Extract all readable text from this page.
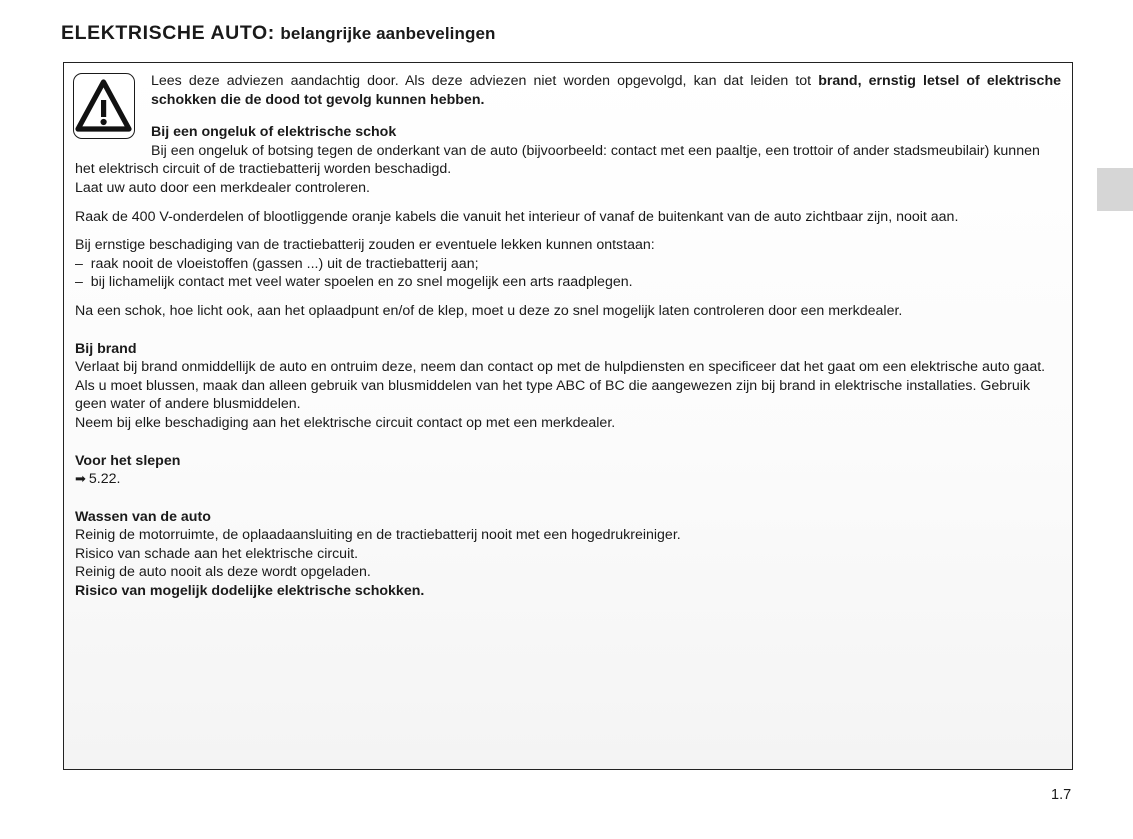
ELEKTRISCHE AUTO: belangrijke aanbevelingen

Lees deze adviezen aandachtig door. Als deze adviezen niet worden opgevolgd, kan dat leiden tot brand, ernstig letsel of elektrische schokken die de dood tot gevolg kunnen hebben.

Bij een ongeluk of elektrische schok

Bij een ongeluk of botsing tegen de onderkant van de auto (bijvoorbeeld: contact met een paaltje, een trottoir of ander stadsmeubilair) kunnen het elektrisch circuit of de tractiebatterij worden beschadigd.

Laat uw auto door een merkdealer controleren.

Raak de 400 V-onderdelen of blootliggende oranje kabels die vanuit het interieur of vanaf de buitenkant van de auto zichtbaar zijn, nooit aan.

Bij ernstige beschadiging van de tractiebatterij zouden er eventuele lekken kunnen ontstaan:

– raak nooit de vloeistoffen (gassen ...) uit de tractiebatterij aan;

– bij lichamelijk contact met veel water spoelen en zo snel mogelijk een arts raadplegen.

Na een schok, hoe licht ook, aan het oplaadpunt en/of de klep, moet u deze zo snel mogelijk laten controleren door een merkdealer.

Bij brand

Verlaat bij brand onmiddellijk de auto en ontruim deze, neem dan contact op met de hulpdiensten en specificeer dat het gaat om een elektrische auto gaat.

Als u moet blussen, maak dan alleen gebruik van blusmiddelen van het type ABC of BC die aangewezen zijn bij brand in elektrische installaties. Gebruik geen water of andere blusmiddelen.

Neem bij elke beschadiging aan het elektrische circuit contact op met een merkdealer.

Voor het slepen

➡ 5.22.

Wassen van de auto

Reinig de motorruimte, de oplaadaansluiting en de tractiebatterij nooit met een hogedrukreiniger.

Risico van schade aan het elektrische circuit.

Reinig de auto nooit als deze wordt opgeladen.

Risico van mogelijk dodelijke elektrische schokken.

1.7
